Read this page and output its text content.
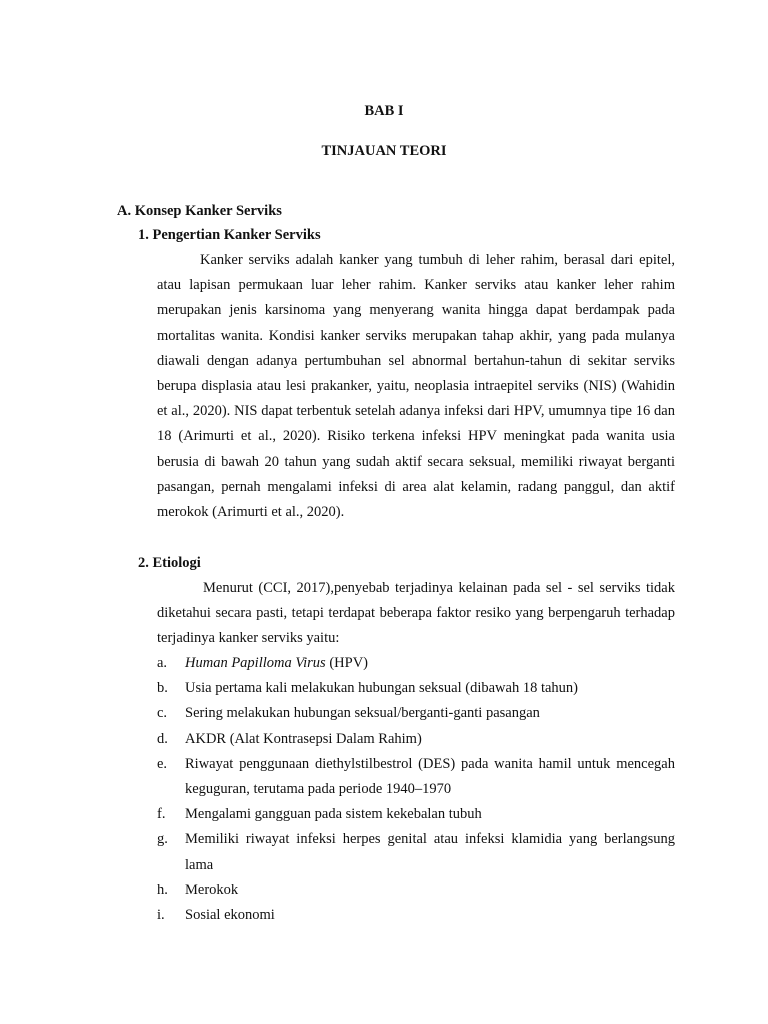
BAB I
TINJAUAN TEORI
A. Konsep Kanker Serviks
1. Pengertian Kanker Serviks

Kanker serviks adalah kanker yang tumbuh di leher rahim, berasal dari epitel, atau lapisan permukaan luar leher rahim. Kanker serviks atau kanker leher rahim merupakan jenis karsinoma yang menyerang wanita hingga dapat berdampak pada mortalitas wanita. Kondisi kanker serviks merupakan tahap akhir, yang pada mulanya diawali dengan adanya pertumbuhan sel abnormal bertahun-tahun di sekitar serviks berupa displasia atau lesi prakanker, yaitu, neoplasia intraepitel serviks (NIS) (Wahidin et al., 2020). NIS dapat terbentuk setelah adanya infeksi dari HPV, umumnya tipe 16 dan 18 (Arimurti et al., 2020). Risiko terkena infeksi HPV meningkat pada wanita usia berusia di bawah 20 tahun yang sudah aktif secara seksual, memiliki riwayat berganti pasangan, pernah mengalami infeksi di area alat kelamin, radang panggul, dan aktif merokok (Arimurti et al., 2020).

2. Etiologi

Menurut (CCI, 2017),penyebab terjadinya kelainan pada sel - sel serviks tidak diketahui secara pasti, tetapi terdapat beberapa faktor resiko yang berpengaruh terhadap terjadinya kanker serviks yaitu:

a.	Human Papilloma Virus (HPV)
b.	Usia pertama kali melakukan hubungan seksual (dibawah 18 tahun)
c.	Sering melakukan hubungan seksual/berganti-ganti pasangan
d.	AKDR (Alat Kontrasepsi Dalam Rahim)
e.	Riwayat penggunaan diethylstilbestrol (DES) pada wanita hamil untuk mencegah keguguran, terutama pada periode 1940–1970
f.	Mengalami gangguan pada sistem kekebalan tubuh
g.	Memiliki riwayat infeksi herpes genital atau infeksi klamidia yang berlangsung lama
h.	Merokok
i.	Sosial ekonomi
